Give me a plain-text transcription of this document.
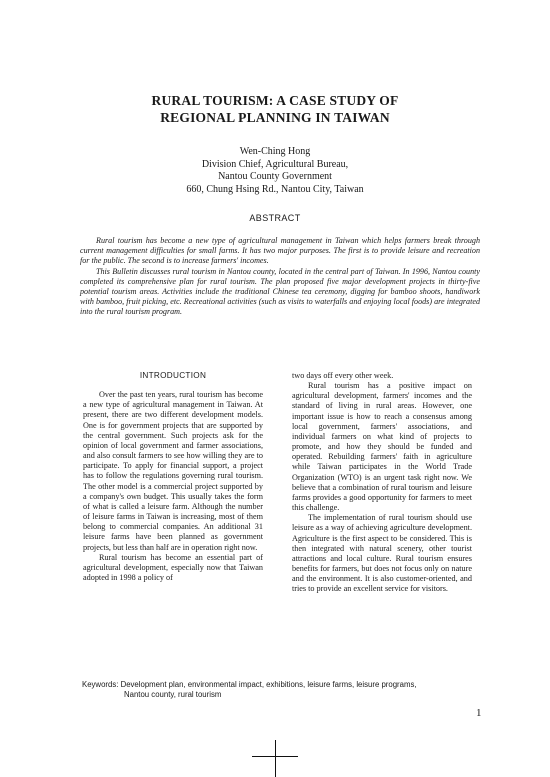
RURAL TOURISM: A CASE STUDY OF
REGIONAL PLANNING IN TAIWAN
Wen-Ching Hong
Division Chief, Agricultural Bureau,
Nantou County Government
660, Chung Hsing Rd., Nantou City, Taiwan
ABSTRACT

Rural tourism has become a new type of agricultural management in Taiwan which helps farmers break through current management difficulties for small farms. It has two major purposes. The first is to provide leisure and recreation for the public. The second is to increase farmers' incomes.

This Bulletin discusses rural tourism in Nantou county, located in the central part of Taiwan. In 1996, Nantou county completed its comprehensive plan for rural tourism. The plan proposed five major development projects in thirty-five potential tourism areas. Activities include the traditional Chinese tea ceremony, digging for bamboo shoots, handiwork with bamboo, fruit picking, etc. Recreational activities (such as visits to waterfalls and enjoying local foods) are integrated into the rural tourism program.

INTRODUCTION

Over the past ten years, rural tourism has become a new type of agricultural management in Taiwan. At present, there are two different development models. One is for government projects that are supported by the central government. Such projects ask for the opinion of local government and farmer associations, and also consult farmers to see how willing they are to participate. To apply for financial support, a project has to follow the regulations governing rural tourism. The other model is a commercial project supported by a company's own budget. This usually takes the form of what is called a leisure farm. Although the number of leisure farms in Taiwan is increasing, most of them belong to commercial companies. An additional 31 leisure farms have been planned as government projects, but less than half are in operation right now.

Rural tourism has become an essential part of agricultural development, especially now that Taiwan adopted in 1998 a policy of

two days off every other week.

Rural tourism has a positive impact on agricultural development, farmers' incomes and the standard of living in rural areas. However, one important issue is how to reach a consensus among local government, farmers' associations, and individual farmers on what kind of projects to promote, and how they should be funded and operated. Rebuilding farmers' faith in agriculture while Taiwan participates in the World Trade Organization (WTO) is an urgent task right now. We believe that a combination of rural tourism and leisure farms provides a good opportunity for farmers to meet this challenge.

The implementation of rural tourism should use leisure as a way of achieving agriculture development. Agriculture is the first aspect to be considered. This is then integrated with natural scenery, other tourist attractions and local culture. Rural tourism ensures benefits for farmers, but does not focus only on nature and the environment. It is also customer-oriented, and tries to provide an excellent service for visitors.

Keywords: Development plan, environmental impact, exhibitions, leisure farms, leisure programs,
Nantou county, rural tourism
1
